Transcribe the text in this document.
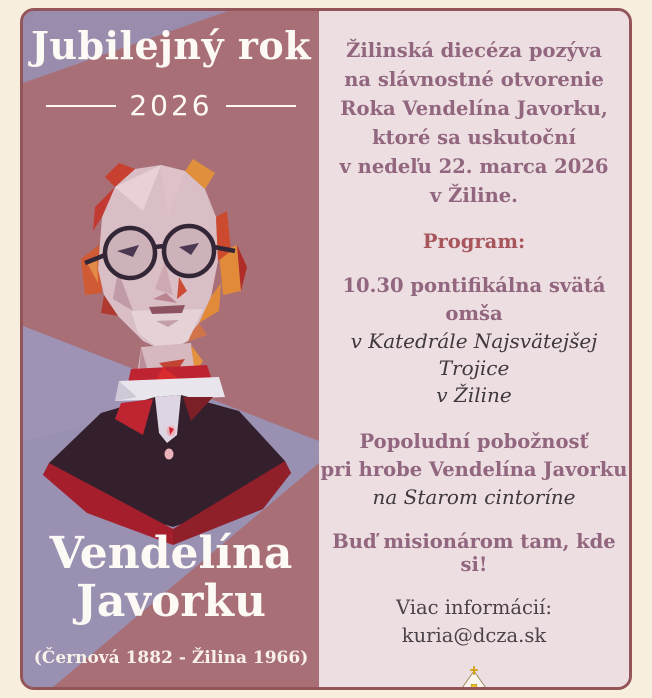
Jubilejný rok
2026
Vendelína
Javorku
(Černová 1882 - Žilina 1966)
Žilinská diecéza pozýva
na slávnostné otvorenie
Roka Vendelína Javorku,
ktoré sa uskutoční
v nedeľu 22. marca 2026
v Žiline.
Program:
10.30 pontifikálna svätá omša
v Katedrále Najsvätejšej Trojice
v Žiline
Popoludní pobožnosť
pri hrobe Vendelína Javorku
na Starom cintoríne
Buď misionárom tam, kde si!
Viac informácií:
kuria@dcza.sk
